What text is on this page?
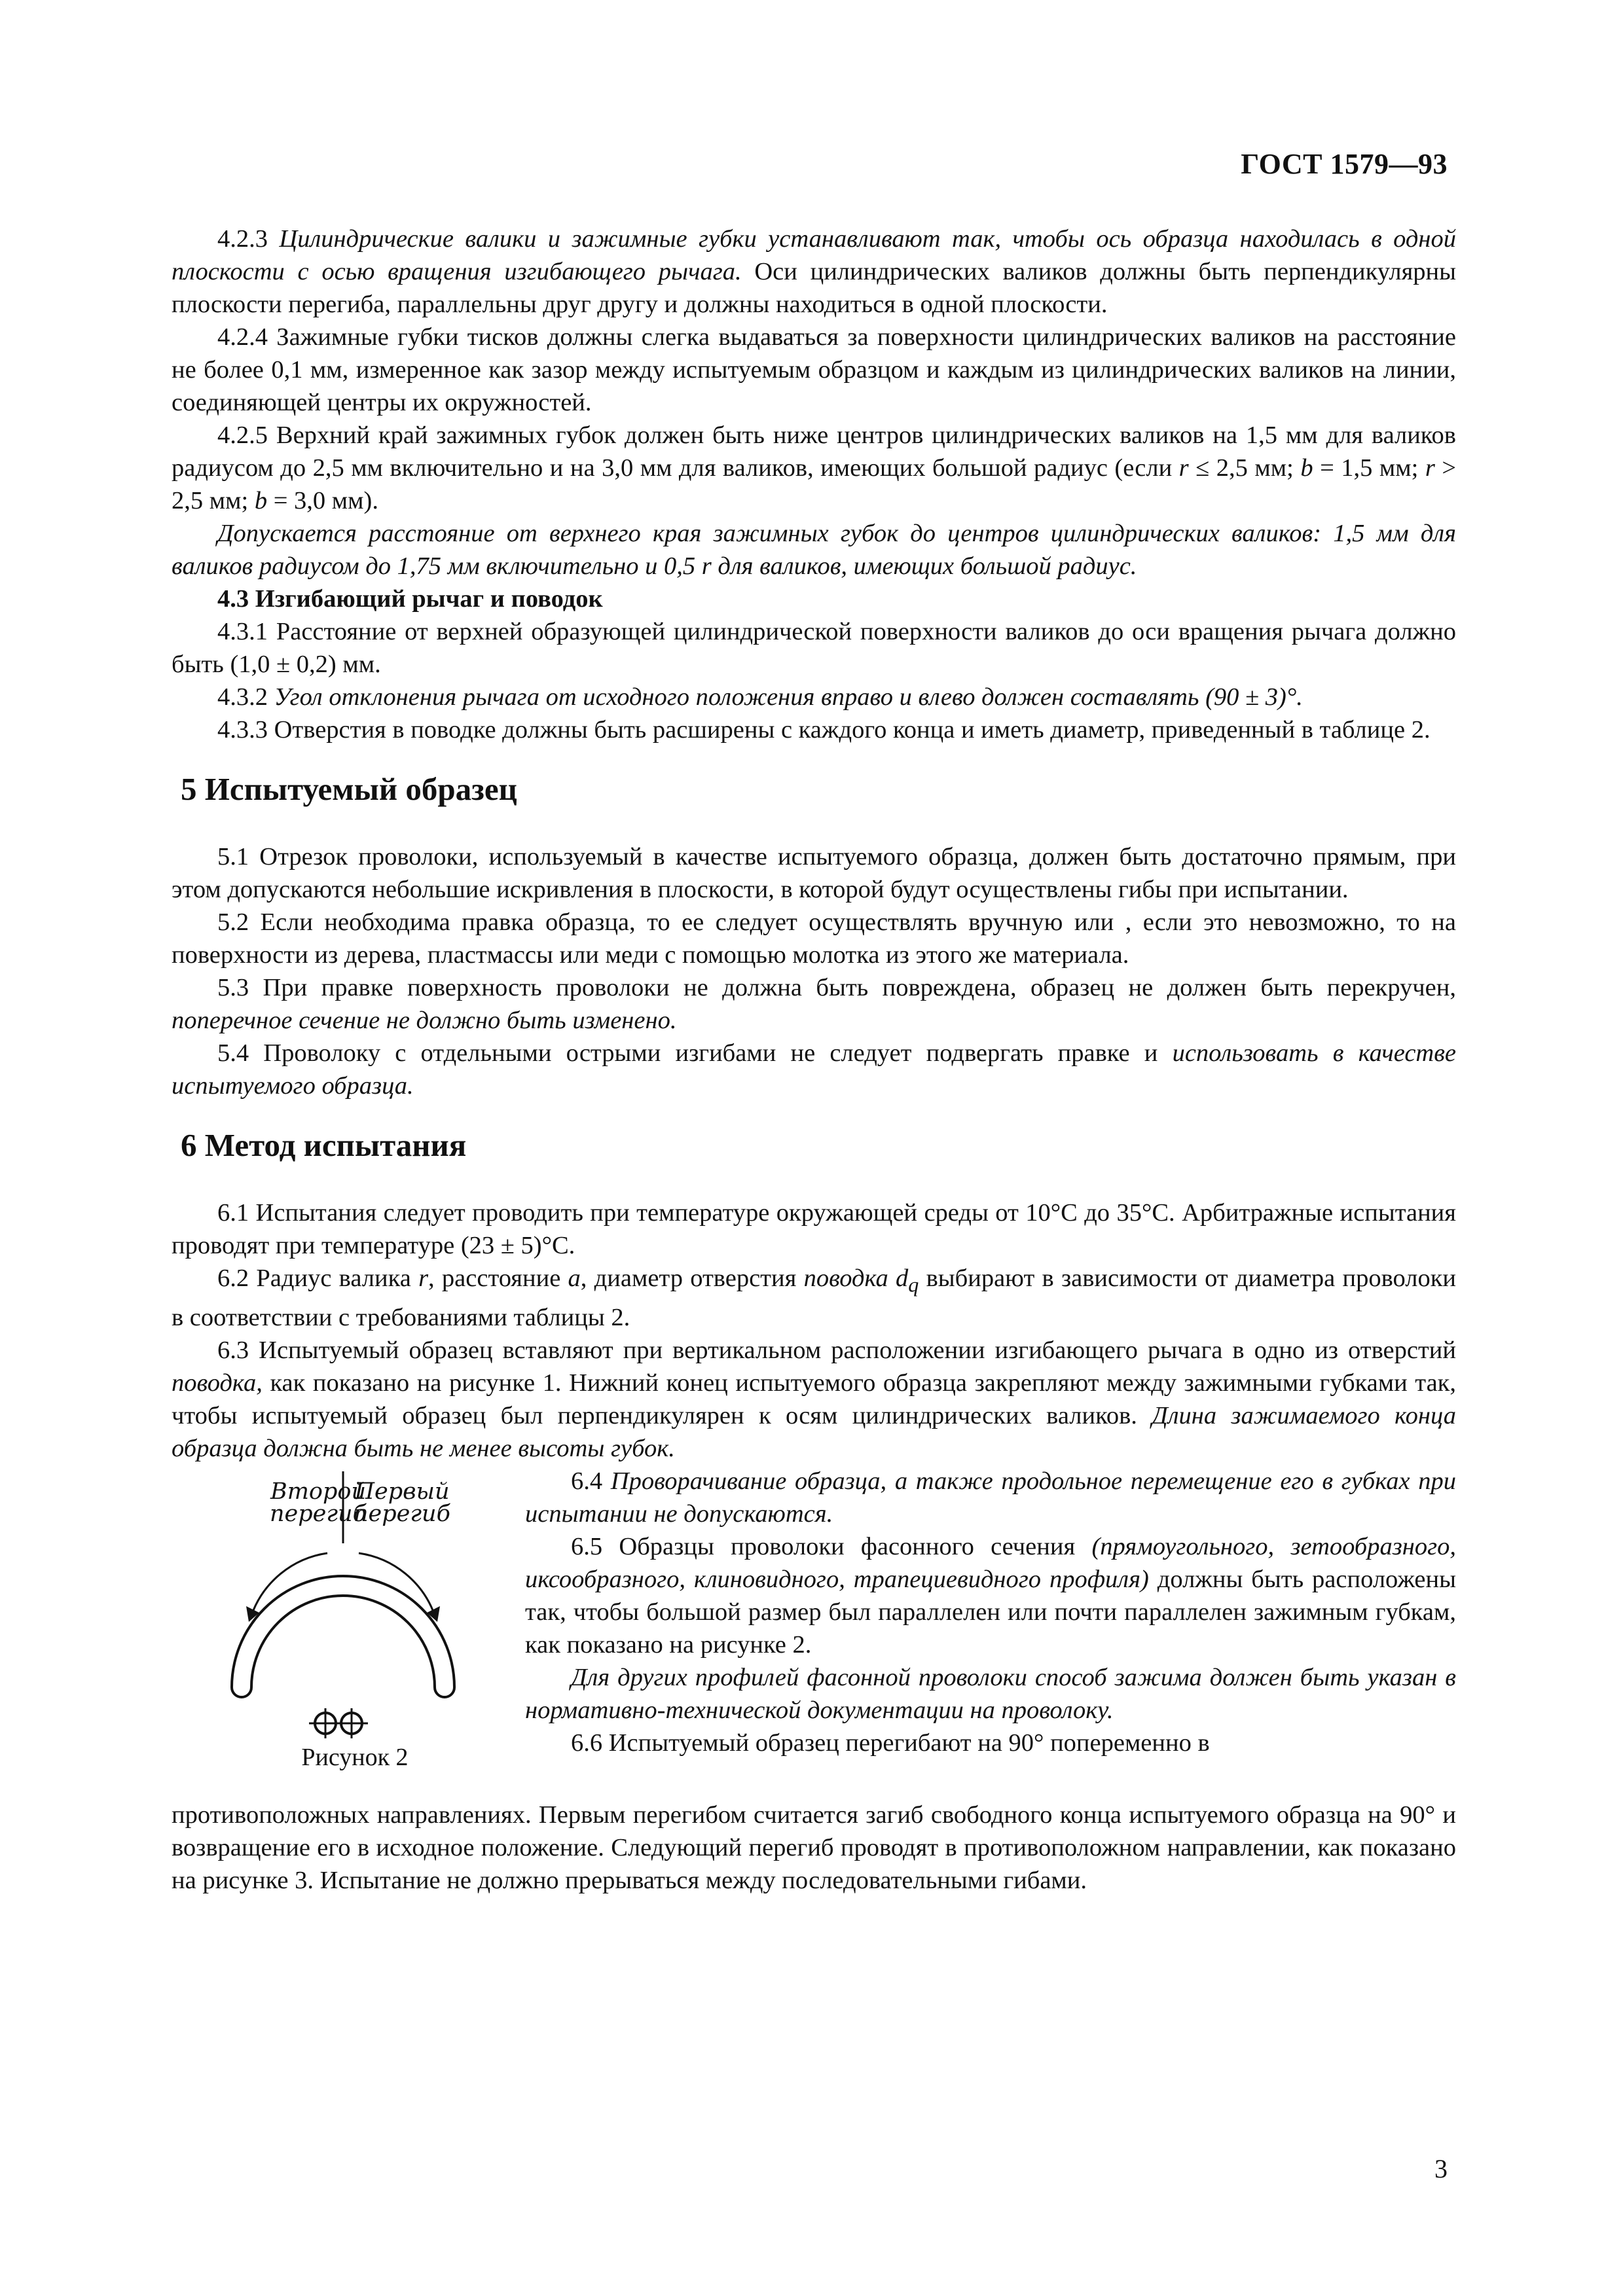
ГОСТ 1579—93

4.2.3 Цилиндрические валики и зажимные губки устанавливают так, чтобы ось образца находилась в одной плоскости с осью вращения изгибающего рычага. Оси цилиндрических валиков должны быть перпендикулярны плоскости перегиба, параллельны друг другу и должны находиться в одной плоскости.

4.2.4 Зажимные губки тисков должны слегка выдаваться за поверхности цилиндрических валиков на расстояние не более 0,1 мм, измеренное как зазор между испытуемым образцом и каждым из цилиндрических валиков на линии, соединяющей центры их окружностей.

4.2.5 Верхний край зажимных губок должен быть ниже центров цилиндрических валиков на 1,5 мм для валиков радиусом до 2,5 мм включительно и на 3,0 мм для валиков, имеющих большой радиус (если r ≤ 2,5 мм; b = 1,5 мм; r > 2,5 мм; b = 3,0 мм).

Допускается расстояние от верхнего края зажимных губок до центров цилиндрических валиков: 1,5 мм для валиков радиусом до 1,75 мм включительно и 0,5 r для валиков, имеющих большой радиус.

4.3 Изгибающий рычаг и поводок

4.3.1 Расстояние от верхней образующей цилиндрической поверхности валиков до оси вращения рычага должно быть (1,0 ± 0,2) мм.

4.3.2 Угол отклонения рычага от исходного положения вправо и влево должен составлять (90 ± 3)°.

4.3.3 Отверстия в поводке должны быть расширены с каждого конца и иметь диаметр, приведенный в таблице 2.

5 Испытуемый образец

5.1 Отрезок проволоки, используемый в качестве испытуемого образца, должен быть достаточно прямым, при этом допускаются небольшие искривления в плоскости, в которой будут осуществлены гибы при испытании.

5.2 Если необходима правка образца, то ее следует осуществлять вручную или , если это невозможно, то на поверхности из дерева, пластмассы или меди с помощью молотка из этого же материала.

5.3 При правке поверхность проволоки не должна быть повреждена, образец не должен быть перекручен, поперечное сечение не должно быть изменено.

5.4 Проволоку с отдельными острыми изгибами не следует подвергать правке и использовать в качестве испытуемого образца.

6 Метод испытания

6.1 Испытания следует проводить при температуре окружающей среды от 10°C до 35°C. Арбитражные испытания проводят при температуре (23 ± 5)°C.

6.2 Радиус валика r, расстояние a, диаметр отверстия поводка $d_q$ выбирают в зависимости от диаметра проволоки в соответствии с требованиями таблицы 2.

6.3 Испытуемый образец вставляют при вертикальном расположении изгибающего рычага в одно из отверстий поводка, как показано на рисунке 1. Нижний конец испытуемого образца закрепляют между зажимными губками так, чтобы испытуемый образец был перпендикулярен к осям цилиндрических валиков. Длина зажимаемого конца образца должна быть не менее высоты губок.

Второй
перегиб
Первый
перегиб
Рисунок 2

6.4 Проворачивание образца, а также продольное перемещение его в губках при испытании не допускаются.

6.5 Образцы проволоки фасонного сечения (прямоугольного, зетообразного, иксообразного, клиновидного, трапециевидного профиля) должны быть расположены так, чтобы большой размер был параллелен или почти параллелен зажимным губкам, как показано на рисунке 2.

Для других профилей фасонной проволоки способ зажима должен быть указан в нормативно-технической документации на проволоку.

6.6 Испытуемый образец перегибают на 90° попеременно в

противоположных направлениях. Первым перегибом считается загиб свободного конца испытуемого образца на 90° и возвращение его в исходное положение. Следующий перегиб проводят в противоположном направлении, как показано на рисунке 3. Испытание не должно прерываться между последовательными гибами.

3
